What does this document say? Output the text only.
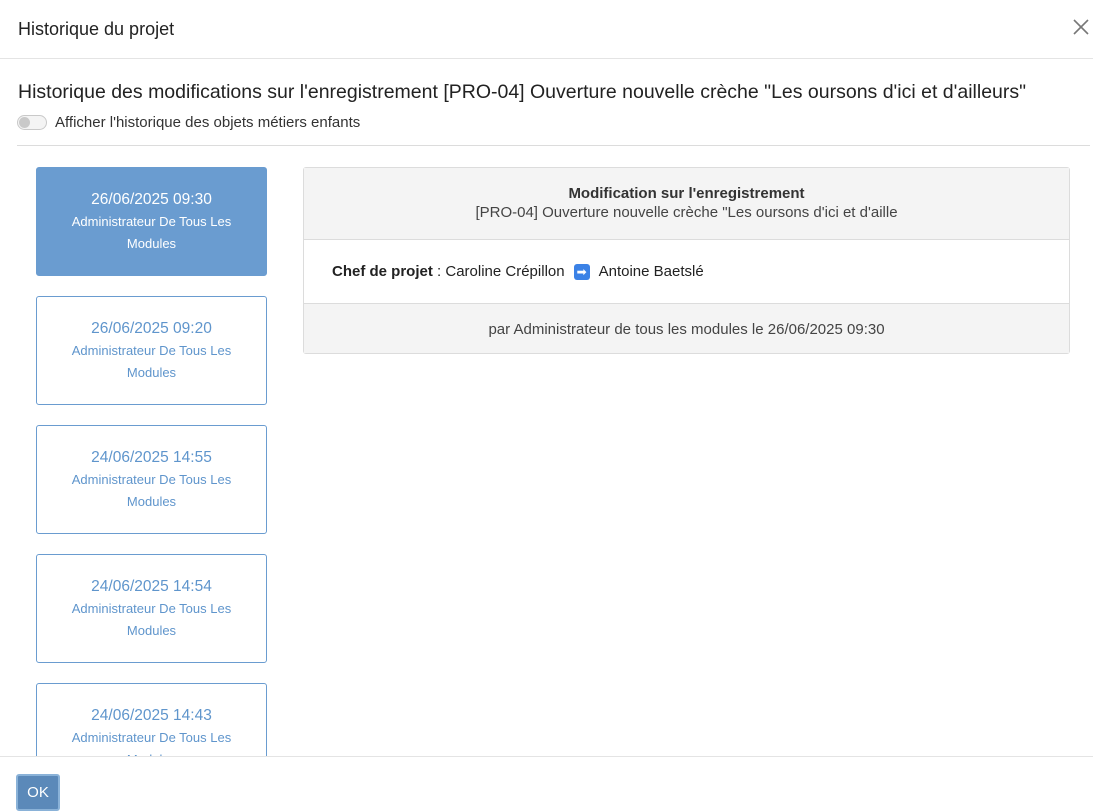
Historique du projet
Historique des modifications sur l'enregistrement [PRO-04] Ouverture nouvelle crèche "Les oursons d'ici et d'ailleurs"
Afficher l'historique des objets métiers enfants
26/06/2025 09:30
Administrateur De Tous Les Modules
26/06/2025 09:20
Administrateur De Tous Les Modules
24/06/2025 14:55
Administrateur De Tous Les Modules
24/06/2025 14:54
Administrateur De Tous Les Modules
24/06/2025 14:43
Administrateur De Tous Les
Modification sur l'enregistrement
[PRO-04] Ouverture nouvelle crèche "Les oursons d'ici et d'aille
Chef de projet : Caroline Crépillon ➡ Antoine Baetslé
par Administrateur de tous les modules le 26/06/2025 09:30
OK
